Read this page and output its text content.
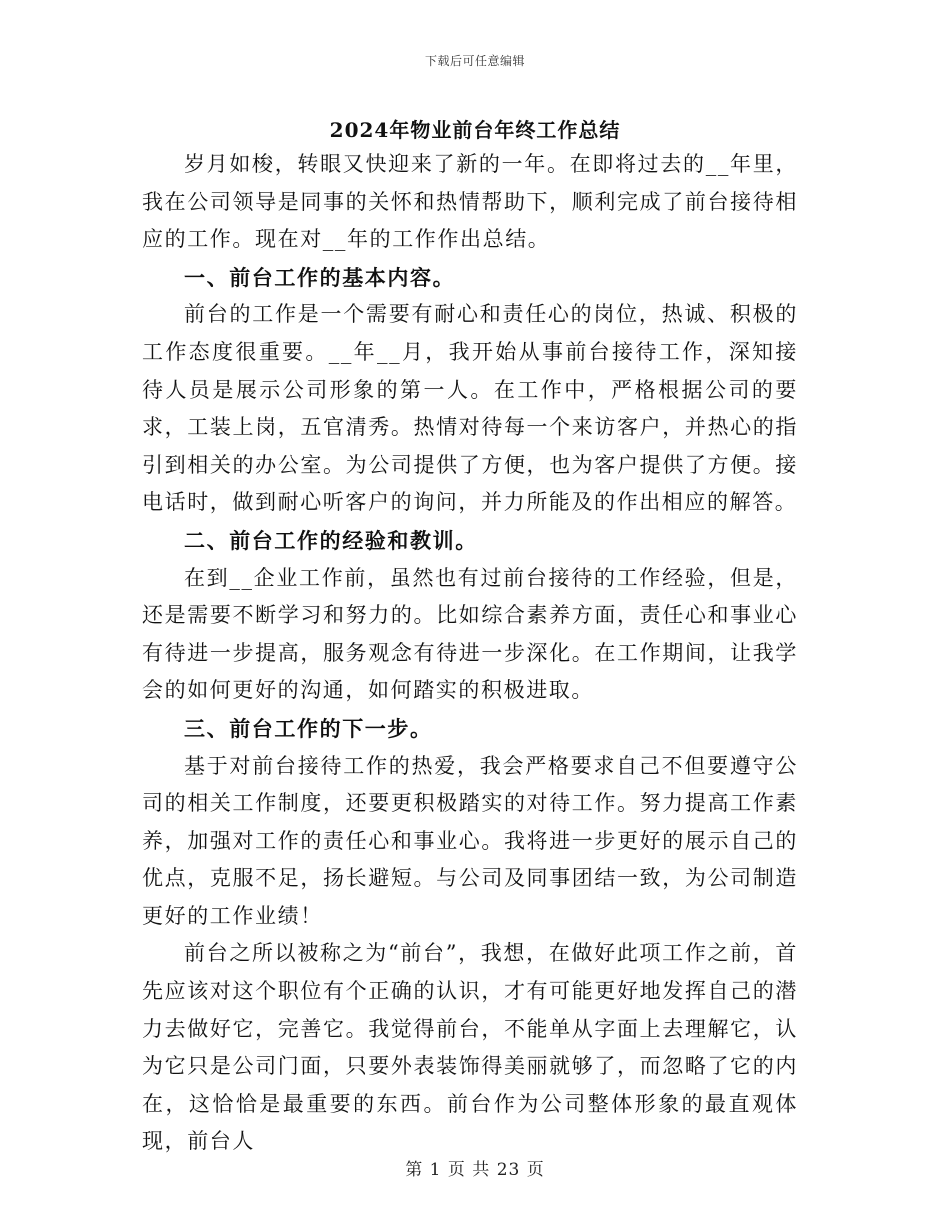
下载后可任意编辑
2024年物业前台年终工作总结

岁月如梭，转眼又快迎来了新的一年。在即将过去的__年里，我在公司领导是同事的关怀和热情帮助下，顺利完成了前台接待相应的工作。现在对__年的工作作出总结。

一、前台工作的基本内容。

前台的工作是一个需要有耐心和责任心的岗位，热诚、积极的工作态度很重要。__年__月，我开始从事前台接待工作，深知接待人员是展示公司形象的第一人。在工作中，严格根据公司的要求，工装上岗，五官清秀。热情对待每一个来访客户，并热心的指引到相关的办公室。为公司提供了方便，也为客户提供了方便。接电话时，做到耐心听客户的询问，并力所能及的作出相应的解答。

二、前台工作的经验和教训。

在到__企业工作前，虽然也有过前台接待的工作经验，但是，还是需要不断学习和努力的。比如综合素养方面，责任心和事业心有待进一步提高，服务观念有待进一步深化。在工作期间，让我学会的如何更好的沟通，如何踏实的积极进取。

三、前台工作的下一步。

基于对前台接待工作的热爱，我会严格要求自己不但要遵守公司的相关工作制度，还要更积极踏实的对待工作。努力提高工作素养，加强对工作的责任心和事业心。我将进一步更好的展示自己的优点，克服不足，扬长避短。与公司及同事团结一致，为公司制造更好的工作业绩！

前台之所以被称之为“前台”，我想，在做好此项工作之前，首先应该对这个职位有个正确的认识，才有可能更好地发挥自己的潜力去做好它，完善它。我觉得前台，不能单从字面上去理解它，认为它只是公司门面，只要外表装饰得美丽就够了，而忽略了它的内在，这恰恰是最重要的东西。前台作为公司整体形象的最直观体现，前台人

第 1 页 共 23 页
